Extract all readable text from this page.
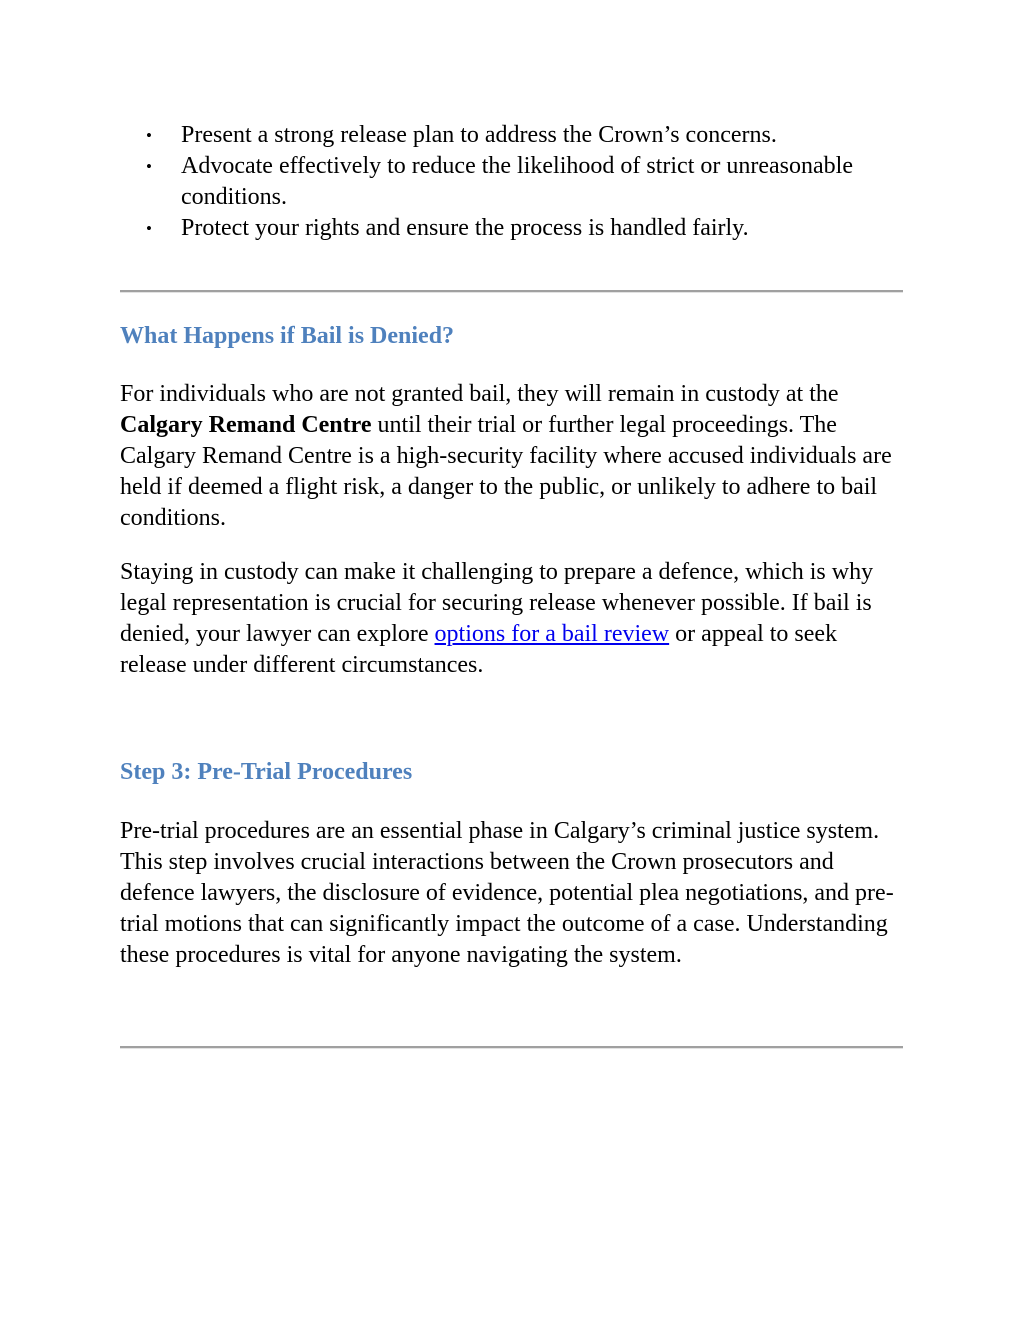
• Present a strong release plan to address the Crown’s concerns.
• Advocate effectively to reduce the likelihood of strict or unreasonable conditions.
• Protect your rights and ensure the process is handled fairly.
What Happens if Bail is Denied?

For individuals who are not granted bail, they will remain in custody at the Calgary Remand Centre until their trial or further legal proceedings. The Calgary Remand Centre is a high-security facility where accused individuals are held if deemed a flight risk, a danger to the public, or unlikely to adhere to bail conditions.

Staying in custody can make it challenging to prepare a defence, which is why legal representation is crucial for securing release whenever possible. If bail is denied, your lawyer can explore options for a bail review or appeal to seek release under different circumstances.

Step 3: Pre-Trial Procedures

Pre-trial procedures are an essential phase in Calgary’s criminal justice system. This step involves crucial interactions between the Crown prosecutors and defence lawyers, the disclosure of evidence, potential plea negotiations, and pre-trial motions that can significantly impact the outcome of a case. Understanding these procedures is vital for anyone navigating the system.
